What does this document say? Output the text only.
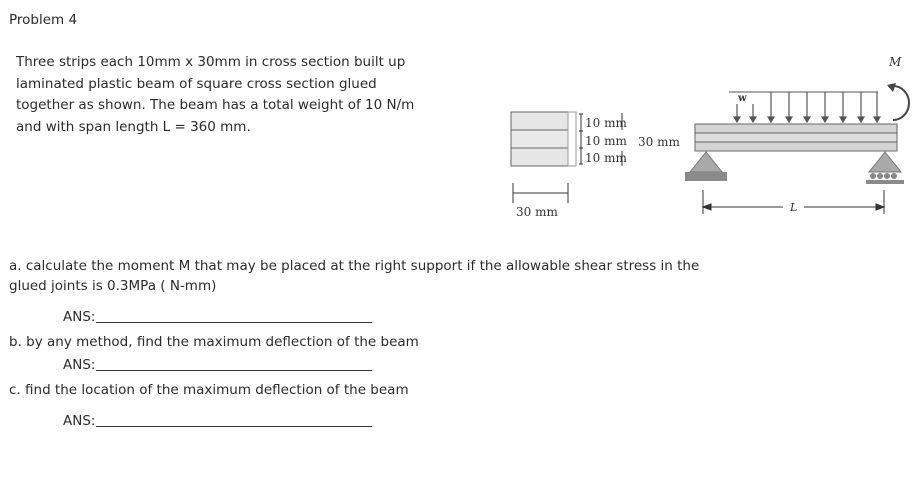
Problem 4
Three strips each 10mm x 30mm in cross section built up
laminated plastic beam of square cross section glued
together as shown. The beam has a total weight of 10 N/m
and with span length L = 360 mm.
30 mm
10 mm
10 mm
10 mm
30 mm
w
M
L
a. calculate the moment M that may be placed at the right support if the allowable shear stress in the
glued joints is 0.3MPa ( N-mm)
ANS:
b. by any method, find the maximum deflection of the beam
ANS:
c. find the location of the maximum deflection of the beam
ANS:
